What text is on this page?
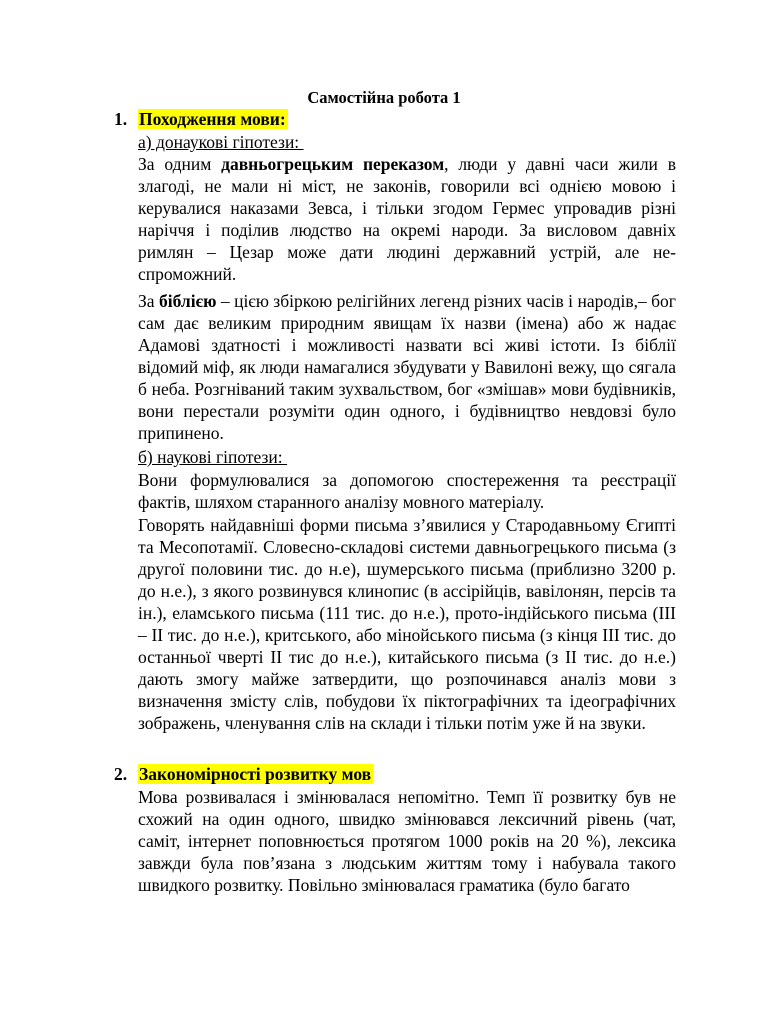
Самостійна робота 1
1. Походження мови:
а) донаукові гіпотези:
За одним давньогрецьким переказом, люди у давні часи жили в злагоді, не мали ні міст, не законів, говорили всі однією мовою і керувалися наказами Зевса, і тільки згодом Гермес упровадив різні наріччя і поділив людство на окремі народи. За висловом давніх римлян – Цезар може дати людині державний устрій, але не-спроможний.
За біблією – цією збіркою релігійних легенд різних часів і народів,– бог сам дає великим природним явищам їх назви (імена) або ж надає Адамові здатності і можливості назвати всі живі істоти. Із біблії відомий міф, як люди намагалися збудувати у Вавилоні вежу, що сягала б неба. Розгніваний таким зухвальством, бог «змішав» мови будівників, вони перестали розуміти один одного, і будівництво невдовзі було припинено.
б) наукові гіпотези:
Вони формулювалися за допомогою спостереження та реєстрації фактів, шляхом старанного аналізу мовного матеріалу.
Говорять найдавніші форми письма з’явилися у Стародавньому Єгипті та Месопотамії. Словесно-складові системи давньогрецького письма (з другої половини тис. до н.е), шумерського письма (приблизно 3200 р. до н.е.), з якого розвинувся клинопис (в ассірійців, вавілонян, персів та ін.), еламського письма (111 тис. до н.е.), прото-індійського письма (III – II тис. до н.е.), критського, або мінойського письма (з кінця III тис. до останньої чверті II тис до н.е.), китайського письма (з II тис. до н.е.) дають змогу майже затвердити, що розпочинався аналіз мови з визначення змісту слів, побудови їх піктографічних та ідеографічних зображень, членування слів на склади і тільки потім уже й на звуки.
2. Закономірності розвитку мов
Мова розвивалася і змінювалася непомітно. Темп її розвитку був не схожий на один одного, швидко змінювався лексичний рівень (чат, саміт, інтернет поповнюється протягом 1000 років на 20 %), лексика завжди була пов’язана з людським життям тому і набувала такого швидкого розвитку. Повільно змінювалася граматика (було багато
